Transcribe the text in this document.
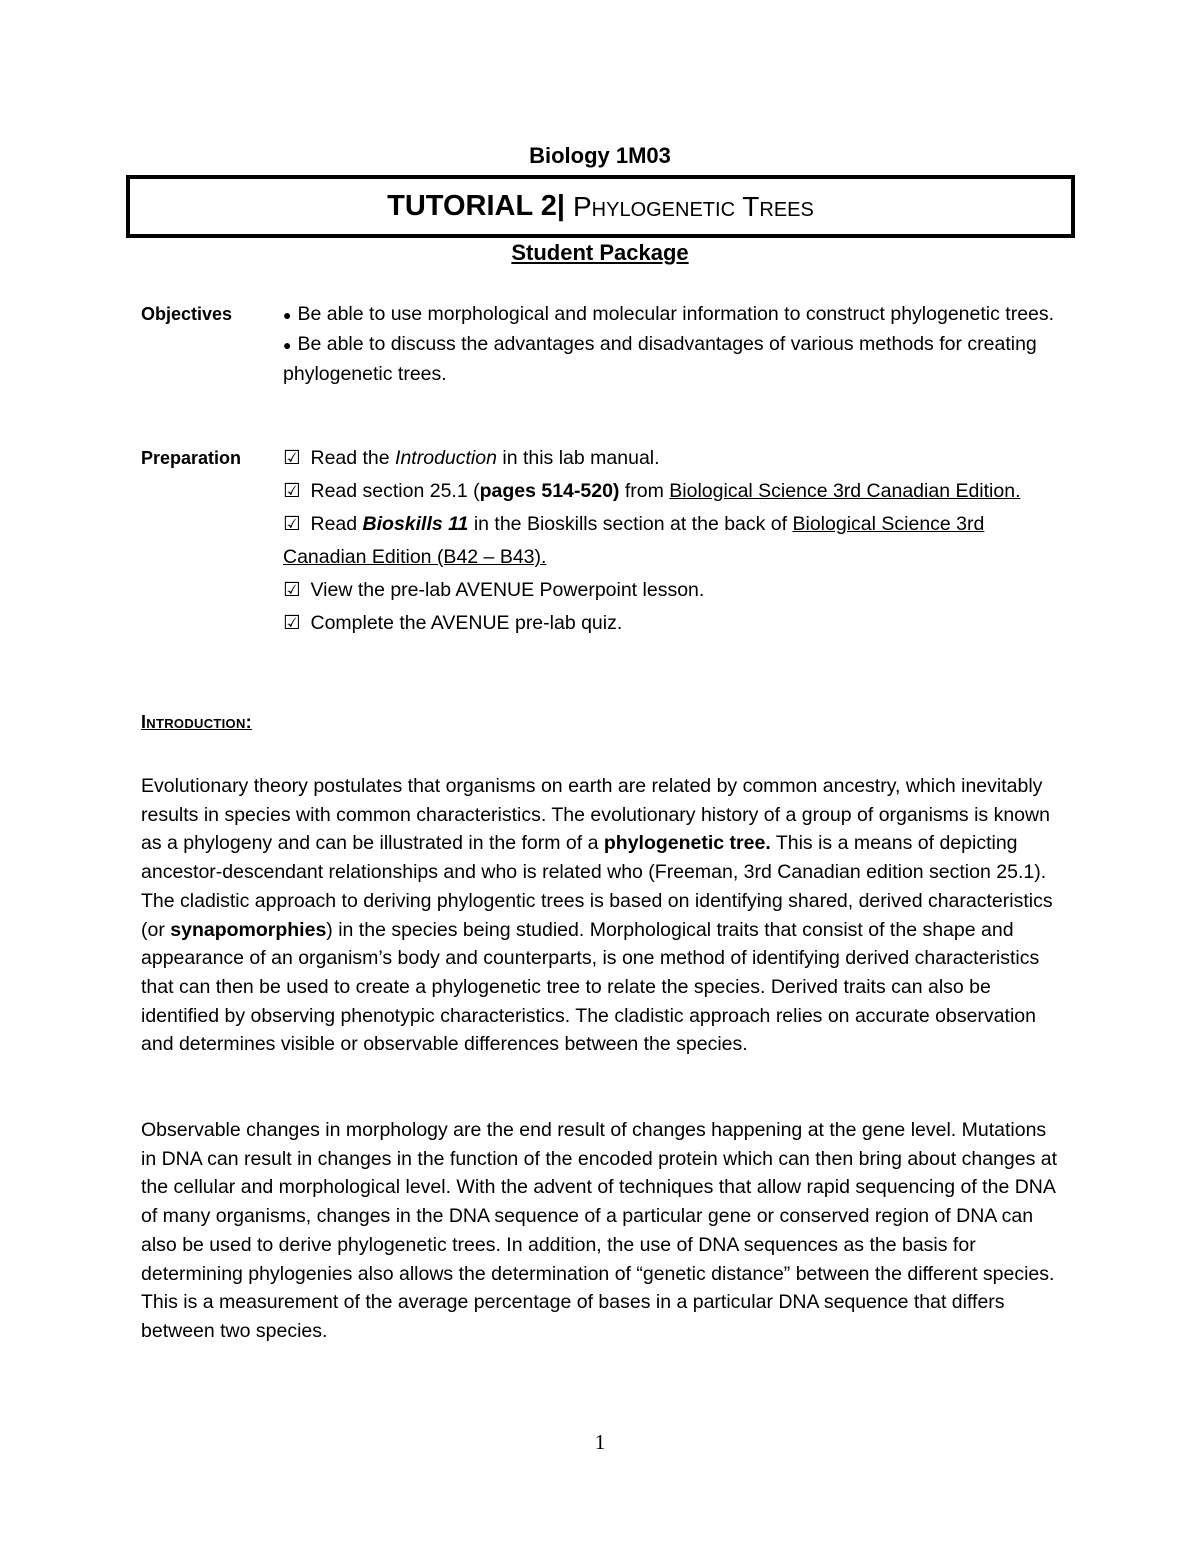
Biology 1M03
TUTORIAL 2| Phylogenetic Trees
Student Package
Objectives	● Be able to use morphological and molecular information to construct phylogenetic trees.
● Be able to discuss the advantages and disadvantages of various methods for creating phylogenetic trees.
Preparation ☑ Read the Introduction in this lab manual.
☑ Read section 25.1 (pages 514-520) from Biological Science 3rd Canadian Edition.
☑ Read Bioskills 11 in the Bioskills section at the back of Biological Science 3rd Canadian Edition (B42 – B43).
☑ View the pre-lab AVENUE Powerpoint lesson.
☑ Complete the AVENUE pre-lab quiz.
Introduction:
Evolutionary theory postulates that organisms on earth are related by common ancestry, which inevitably results in species with common characteristics. The evolutionary history of a group of organisms is known as a phylogeny and can be illustrated in the form of a phylogenetic tree. This is a means of depicting ancestor-descendant relationships and who is related who (Freeman, 3rd Canadian edition section 25.1). The cladistic approach to deriving phylogentic trees is based on identifying shared, derived characteristics (or synapomorphies) in the species being studied. Morphological traits that consist of the shape and appearance of an organism’s body and counterparts, is one method of identifying derived characteristics that can then be used to create a phylogenetic tree to relate the species. Derived traits can also be identified by observing phenotypic characteristics. The cladistic approach relies on accurate observation and determines visible or observable differences between the species.
Observable changes in morphology are the end result of changes happening at the gene level. Mutations in DNA can result in changes in the function of the encoded protein which can then bring about changes at the cellular and morphological level. With the advent of techniques that allow rapid sequencing of the DNA of many organisms, changes in the DNA sequence of a particular gene or conserved region of DNA can also be used to derive phylogenetic trees. In addition, the use of DNA sequences as the basis for determining phylogenies also allows the determination of “genetic distance” between the different species. This is a measurement of the average percentage of bases in a particular DNA sequence that differs between two species.
1
